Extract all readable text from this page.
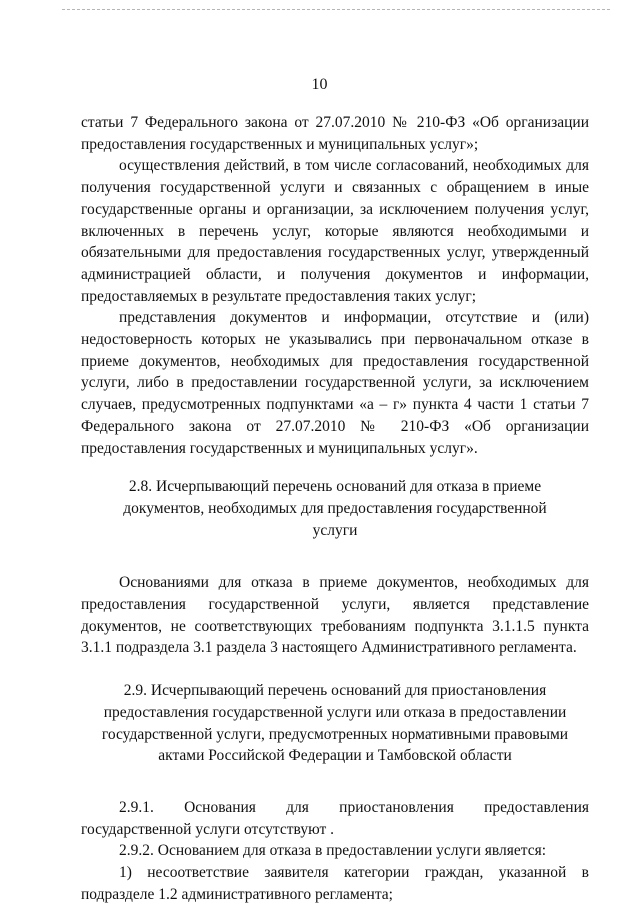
10

статьи 7 Федерального закона от 27.07.2010 № 210-ФЗ «Об организации предоставления государственных и муниципальных услуг»;

осуществления действий, в том числе согласований, необходимых для получения государственной услуги и связанных с обращением в иные государственные органы и организации, за исключением получения услуг, включенных в перечень услуг, которые являются необходимыми и обязательными для предоставления государственных услуг, утвержденный администрацией области, и получения документов и информации, предоставляемых в результате предоставления таких услуг;

представления документов и информации, отсутствие и (или) недостоверность которых не указывались при первоначальном отказе в приеме документов, необходимых для предоставления государственной услуги, либо в предоставлении государственной услуги, за исключением случаев, предусмотренных подпунктами «а – г» пункта 4 части 1 статьи 7 Федерального закона от 27.07.2010 № 210-ФЗ «Об организации предоставления государственных и муниципальных услуг».

2.8. Исчерпывающий перечень оснований для отказа в приеме документов, необходимых для предоставления государственной услуги

Основаниями для отказа в приеме документов, необходимых для предоставления государственной услуги, является представление документов, не соответствующих требованиям подпункта 3.1.1.5 пункта 3.1.1 подраздела 3.1 раздела 3 настоящего Административного регламента.

2.9. Исчерпывающий перечень оснований для приостановления предоставления государственной услуги или отказа в предоставлении государственной услуги, предусмотренных нормативными правовыми актами Российской Федерации и Тамбовской области

2.9.1. Основания для приостановления предоставления государственной услуги отсутствуют .

2.9.2. Основанием для отказа в предоставлении услуги является:

1) несоответствие заявителя категории граждан, указанной в подразделе 1.2 административного регламента;
